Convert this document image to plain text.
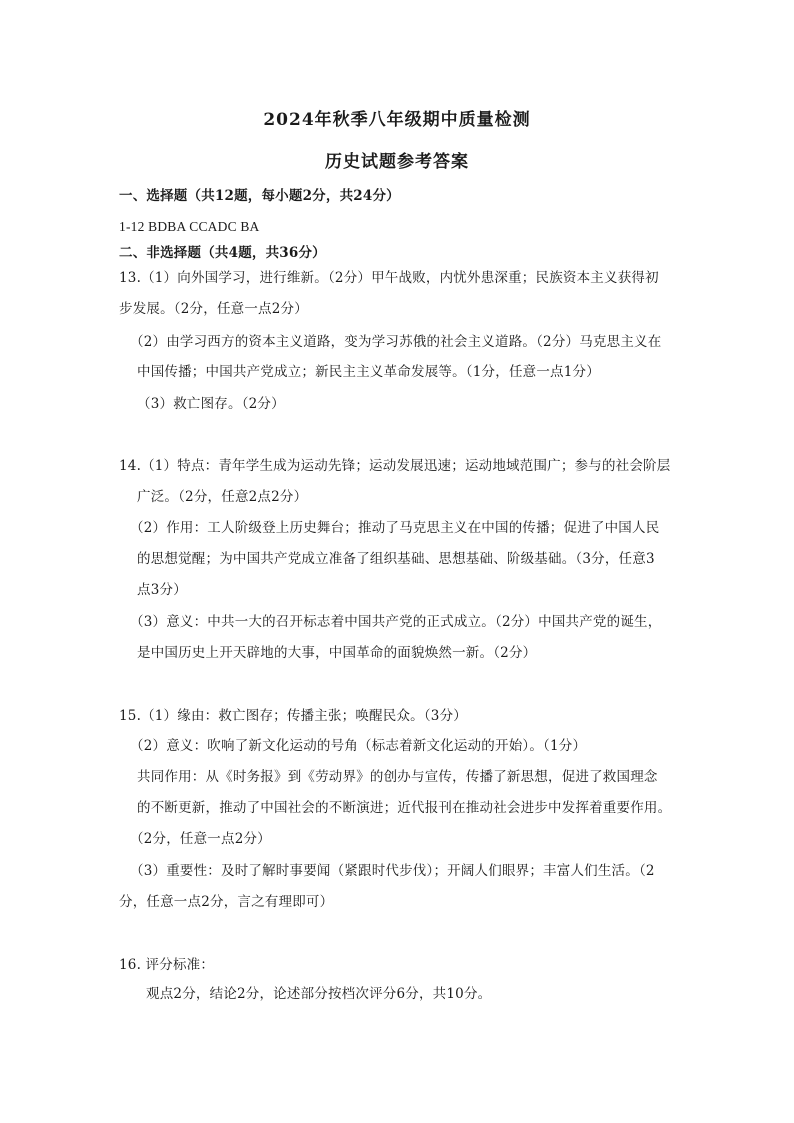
2024年秋季八年级期中质量检测
历史试题参考答案
一、选择题（共12题，每小题2分，共24分）
1-12 BDBA CCADC BA
二、非选择题（共4题，共36分）
13.（1）向外国学习，进行维新。（2分）甲午战败，内忧外患深重；民族资本主义获得初
步发展。（2分，任意一点2分）
（2）由学习西方的资本主义道路，变为学习苏俄的社会主义道路。（2分）马克思主义在
中国传播；中国共产党成立；新民主主义革命发展等。（1分，任意一点1分）
（3）救亡图存。（2分）
14.（1）特点：青年学生成为运动先锋；运动发展迅速；运动地域范围广；参与的社会阶层
广泛。（2分，任意2点2分）
（2）作用：工人阶级登上历史舞台；推动了马克思主义在中国的传播；促进了中国人民
的思想觉醒；为中国共产党成立准备了组织基础、思想基础、阶级基础。（3分，任意3
点3分）
（3）意义：中共一大的召开标志着中国共产党的正式成立。（2分）中国共产党的诞生，
是中国历史上开天辟地的大事，中国革命的面貌焕然一新。（2分）
15.（1）缘由：救亡图存；传播主张；唤醒民众。（3分）
（2）意义：吹响了新文化运动的号角（标志着新文化运动的开始）。（1分）
共同作用：从《时务报》到《劳动界》的创办与宣传，传播了新思想，促进了救国理念
的不断更新，推动了中国社会的不断演进；近代报刊在推动社会进步中发挥着重要作用。
（2分，任意一点2分）
（3）重要性：及时了解时事要闻（紧跟时代步伐）；开阔人们眼界；丰富人们生活。（2
分，任意一点2分，言之有理即可）
16. 评分标准：
观点2分，结论2分，论述部分按档次评分6分，共10分。
